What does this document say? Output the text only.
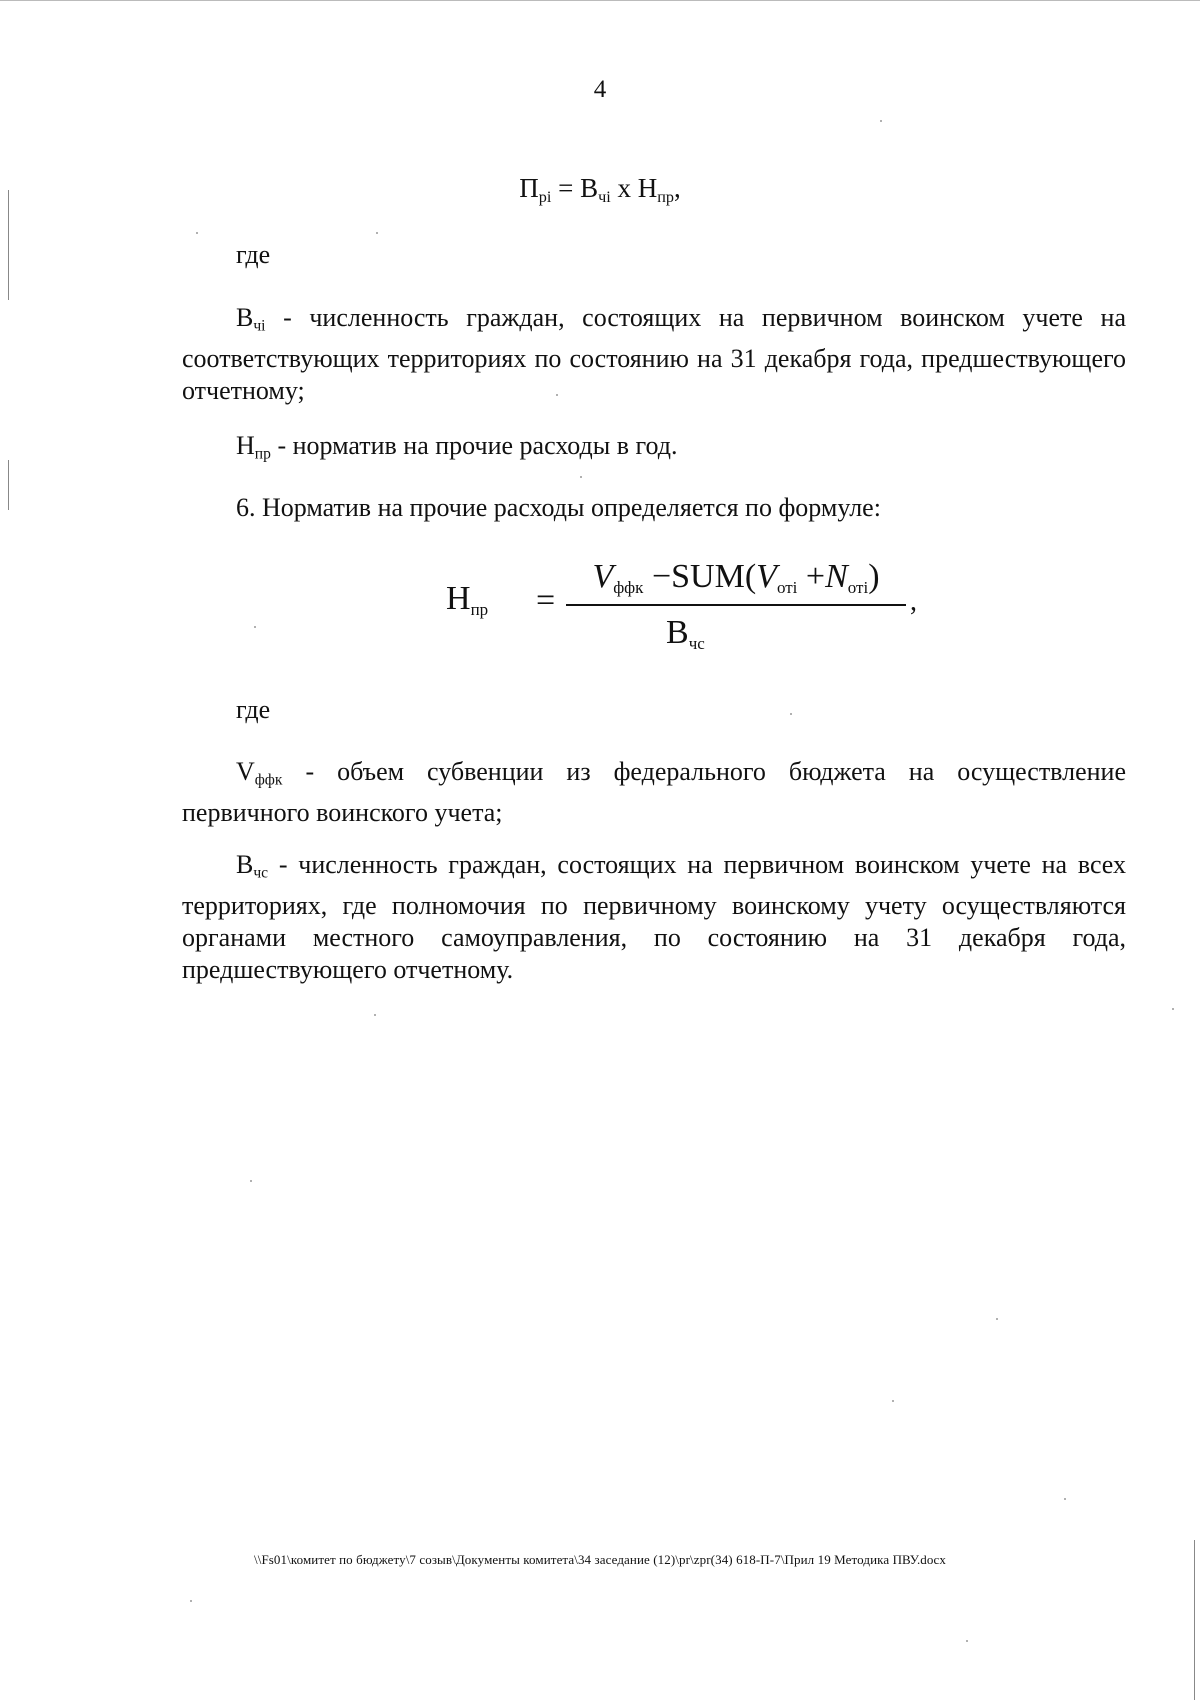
4
$П_{рi} = В_{чi}$ x $Н_{пр}$,
где
$В_{чi}$ - численность граждан, состоящих на первичном воинском учете на соответствующих территориях по состоянию на 31 декабря года, предшествующего отчетному;
$Н_{пр}$ - норматив на прочие расходы в год.
6. Норматив на прочие расходы определяется по формуле:
$Н_{пр}$ =
$V_{ффк} -SUM(V_{отi} +N_{отi})$
$В_{чс}$
,
где
$V_{ффк}$ - объем субвенции из федерального бюджета на осуществление первичного воинского учета;
$В_{чс}$ - численность граждан, состоящих на первичном воинском учете на всех территориях, где полномочия по первичному воинскому учету осуществляются органами местного самоуправления, по состоянию на 31 декабря года, предшествующего отчетному.
\\Fs01\комитет по бюджету\7 созыв\Документы комитета\34 заседание (12)\pr\zpr(34) 618-П-7\Прил 19 Методика ПВУ.docx
